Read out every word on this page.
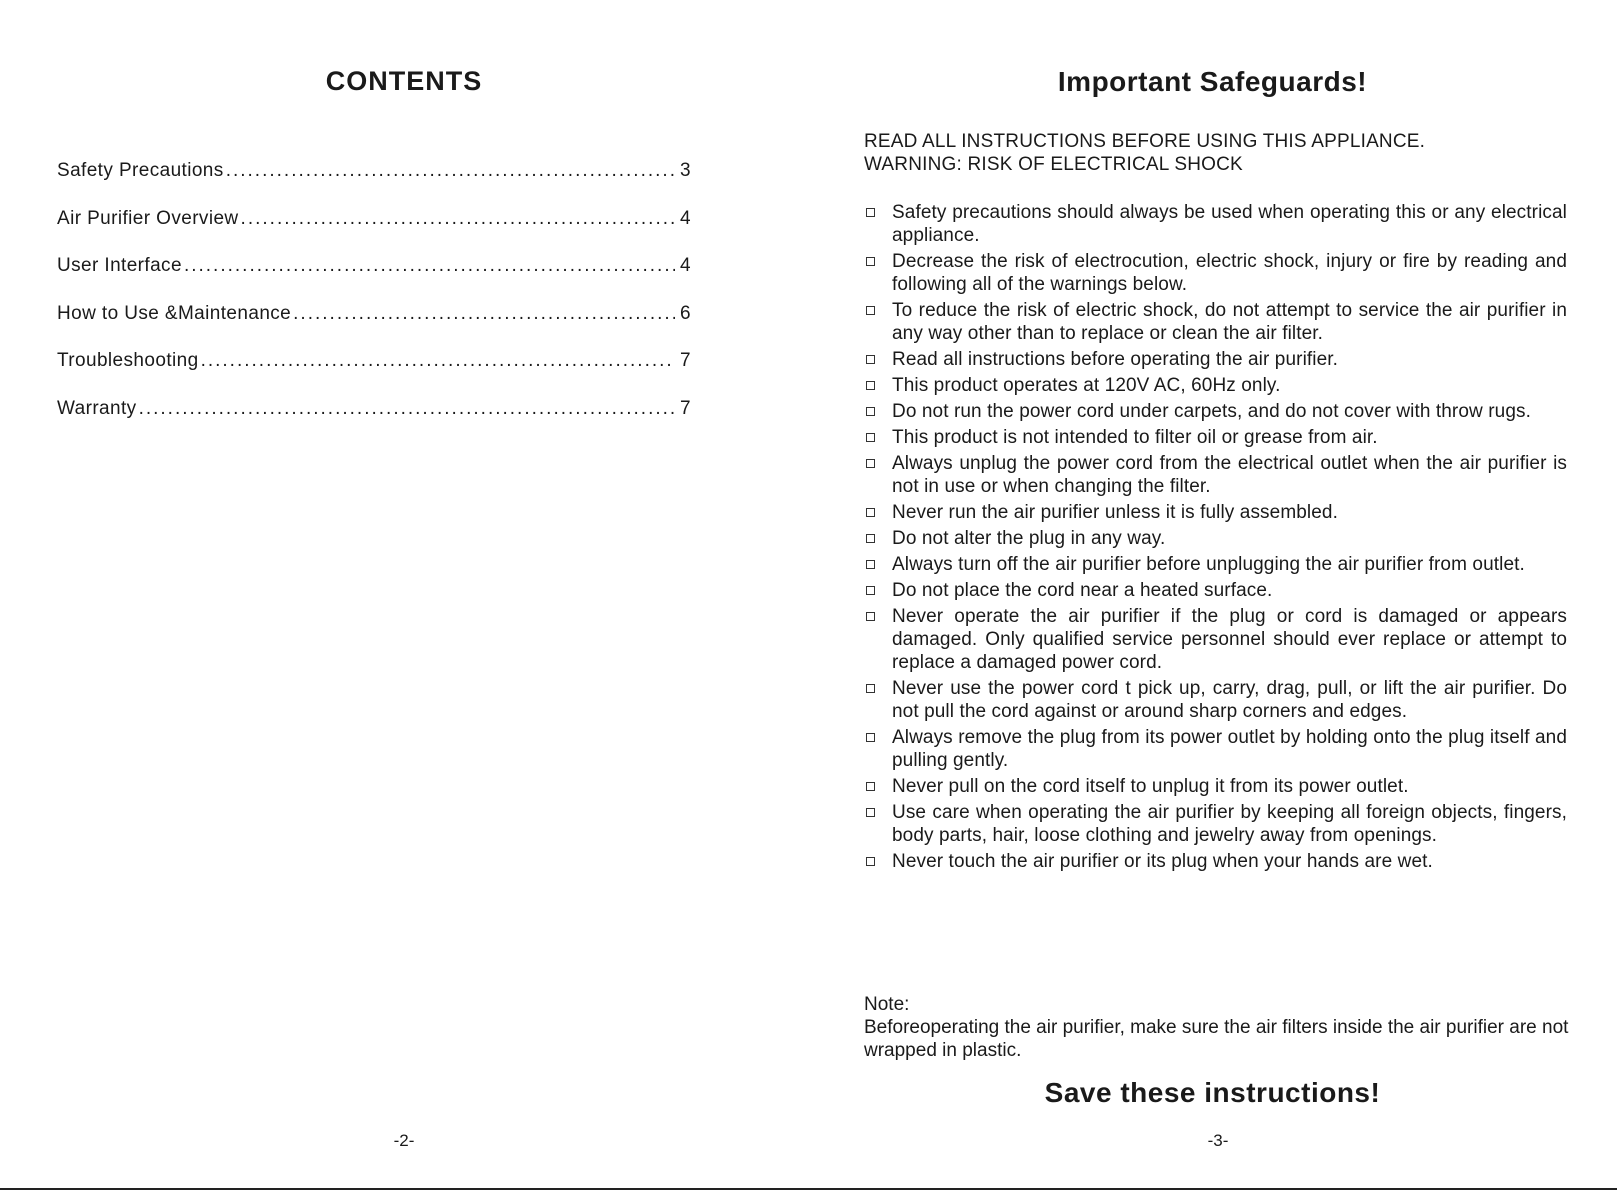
CONTENTS
Safety Precautions .....	3
Air Purifier Overview .....	4
User Interface .....	4
How to Use &Maintenance .....	6
Troubleshooting .....	7
Warranty .....	7
-2-
Important Safeguards!
READ ALL INSTRUCTIONS BEFORE USING THIS APPLIANCE.
WARNING: RISK OF ELECTRICAL SHOCK
Safety precautions should always be used when operating this or any electrical appliance.
Decrease the risk of electrocution, electric shock, injury or fire by reading and following all of the warnings below.
To reduce the risk of electric shock, do not attempt to service the air purifier in any way other than to replace or clean the air filter.
Read all instructions before operating the air purifier.
This product operates at 120V AC, 60Hz only.
Do not run the power cord under carpets, and do not cover with throw rugs.
This product is not intended to filter oil or grease from air.
Always unplug the power cord from the electrical outlet when the air purifier is not in use or when changing the filter.
Never run the air purifier unless it is fully assembled.
Do not alter the plug in any way.
Always turn off the air purifier before unplugging the air purifier from outlet.
Do not place the cord near a heated surface.
Never operate the air purifier if the plug or cord is damaged or appears damaged. Only qualified service personnel should ever replace or attempt to replace a damaged power cord.
Never use the power cord t pick up, carry, drag, pull, or lift the air purifier. Do not pull the cord against or around sharp corners and edges.
Always remove the plug from its power outlet by holding onto the plug itself and pulling gently.
Never pull on the cord itself to unplug it from its power outlet.
Use care when operating the air purifier by keeping all foreign objects, fingers, body parts, hair, loose clothing and jewelry away from openings.
Never touch the air purifier or its plug when your hands are wet.
Note:
Beforeoperating the air purifier, make sure the air filters inside the air purifier are not wrapped in plastic.
Save these instructions!
-3-
